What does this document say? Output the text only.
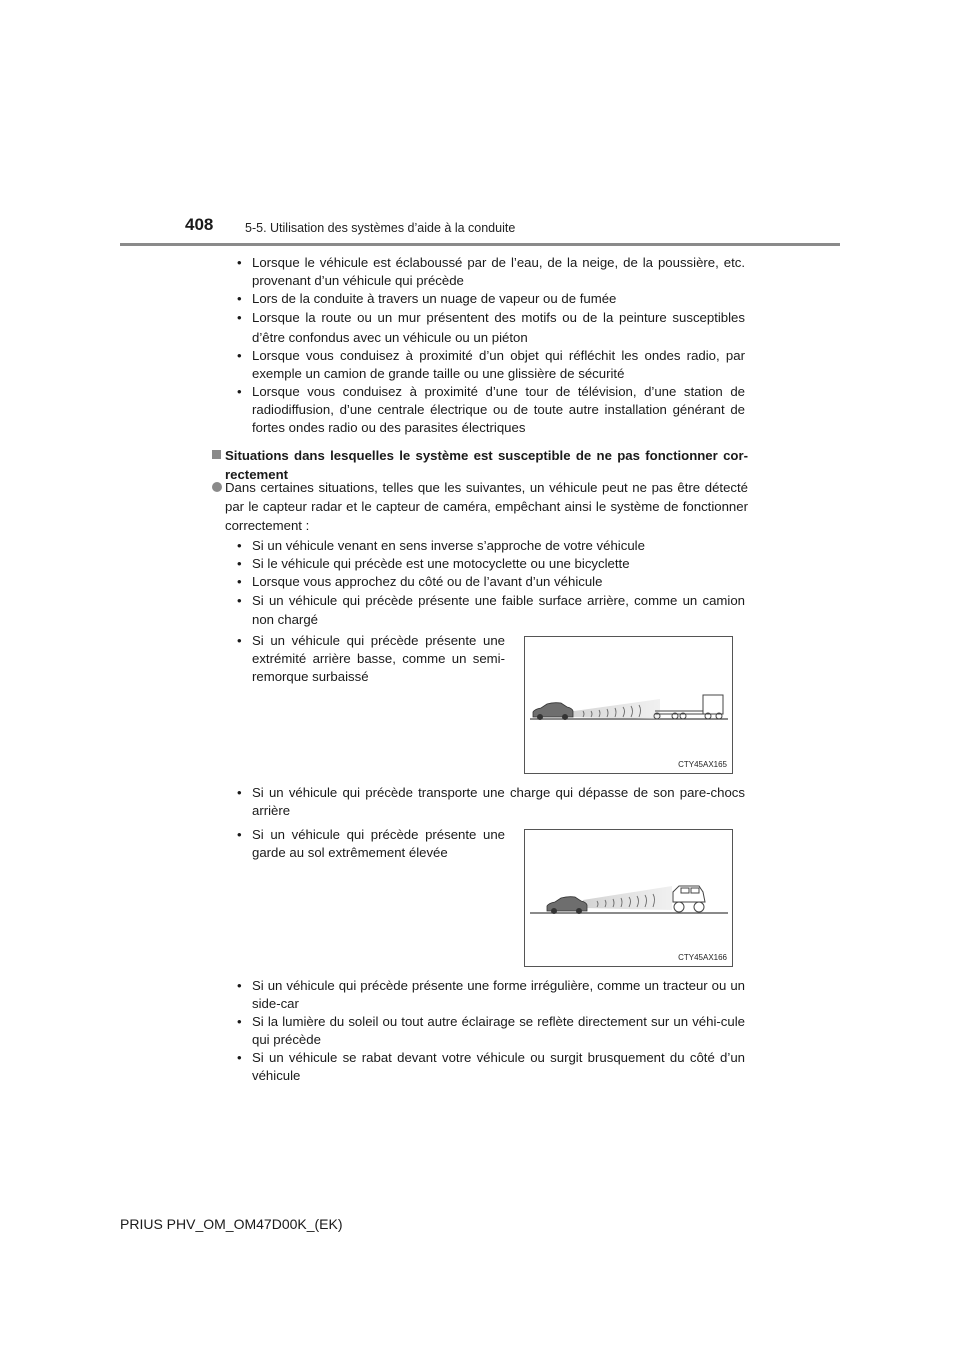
408	5-5. Utilisation des systèmes d’aide à la conduite
• Lorsque le véhicule est éclaboussé par de l’eau, de la neige, de la poussière, etc. provenant d’un véhicule qui précède
• Lors de la conduite à travers un nuage de vapeur ou de fumée
• Lorsque la route ou un mur présentent des motifs ou de la peinture susceptibles d’être confondus avec un véhicule ou un piéton
• Lorsque vous conduisez à proximité d’un objet qui réfléchit les ondes radio, par exemple un camion de grande taille ou une glissière de sécurité
• Lorsque vous conduisez à proximité d’une tour de télévision, d’une station de radiodiffusion, d’une centrale électrique ou de toute autre installation générant de fortes ondes radio ou des parasites électriques
Situations dans lesquelles le système est susceptible de ne pas fonctionner cor-rectement
Dans certaines situations, telles que les suivantes, un véhicule peut ne pas être détecté par le capteur radar et le capteur de caméra, empêchant ainsi le système de fonctionner correctement :
• Si un véhicule venant en sens inverse s’approche de votre véhicule
• Si le véhicule qui précède est une motocyclette ou une bicyclette
• Lorsque vous approchez du côté ou de l’avant d’un véhicule
• Si un véhicule qui précède présente une faible surface arrière, comme un camion non chargé
• Si un véhicule qui précède présente une extrémité arrière basse, comme un semi-remorque surbaissé
CTY45AX165
• Si un véhicule qui précède transporte une charge qui dépasse de son pare-chocs arrière
• Si un véhicule qui précède présente une garde au sol extrêmement élevée
CTY45AX166
• Si un véhicule qui précède présente une forme irrégulière, comme un tracteur ou un side-car
• Si la lumière du soleil ou tout autre éclairage se reflète directement sur un véhi-cule qui précède
• Si un véhicule se rabat devant votre véhicule ou surgit brusquement du côté d’un véhicule
PRIUS PHV_OM_OM47D00K_(EK)
